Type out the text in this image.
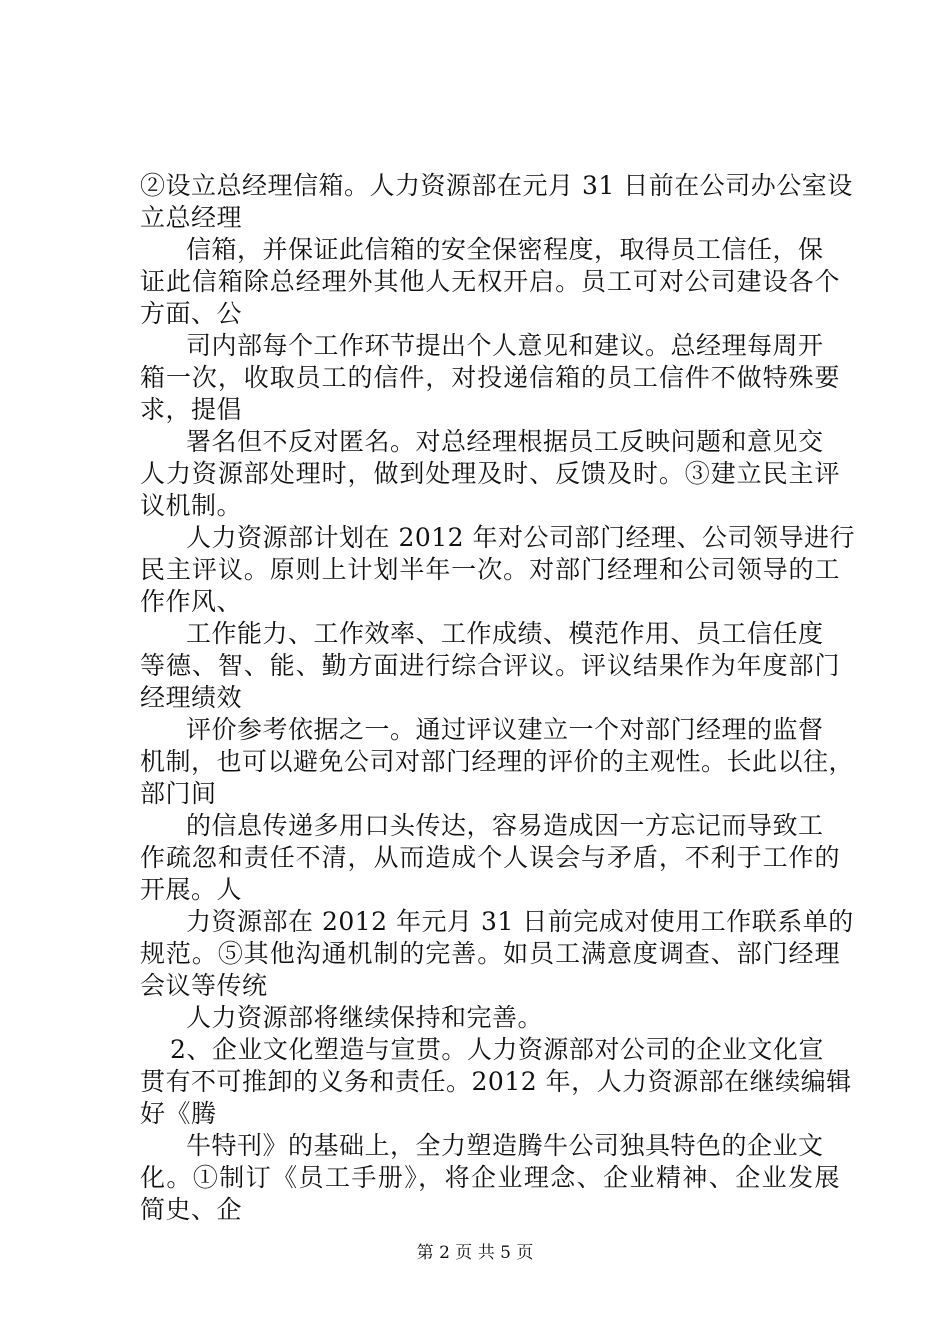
②设立总经理信箱。人力资源部在元月 31 日前在公司办公室设
立总经理
信箱，并保证此信箱的安全保密程度，取得员工信任，保
证此信箱除总经理外其他人无权开启。员工可对公司建设各个
方面、公
司内部每个工作环节提出个人意见和建议。总经理每周开
箱一次，收取员工的信件，对投递信箱的员工信件不做特殊要
求，提倡
署名但不反对匿名。对总经理根据员工反映问题和意见交
人力资源部处理时，做到处理及时、反馈及时。③建立民主评
议机制。
人力资源部计划在 2012 年对公司部门经理、公司领导进行
民主评议。原则上计划半年一次。对部门经理和公司领导的工
作作风、
工作能力、工作效率、工作成绩、模范作用、员工信任度
等德、智、能、勤方面进行综合评议。评议结果作为年度部门
经理绩效
评价参考依据之一。通过评议建立一个对部门经理的监督
机制，也可以避免公司对部门经理的评价的主观性。长此以往，
部门间
的信息传递多用口头传达，容易造成因一方忘记而导致工
作疏忽和责任不清，从而造成个人误会与矛盾，不利于工作的
开展。人
力资源部在 2012 年元月 31 日前完成对使用工作联系单的
规范。⑤其他沟通机制的完善。如员工满意度调查、部门经理
会议等传统
人力资源部将继续保持和完善。
2、企业文化塑造与宣贯。人力资源部对公司的企业文化宣
贯有不可推卸的义务和责任。2012 年，人力资源部在继续编辑
好《腾
牛特刊》的基础上，全力塑造腾牛公司独具特色的企业文
化。①制订《员工手册》，将企业理念、企业精神、企业发展
简史、企
第 2 页 共 5 页
